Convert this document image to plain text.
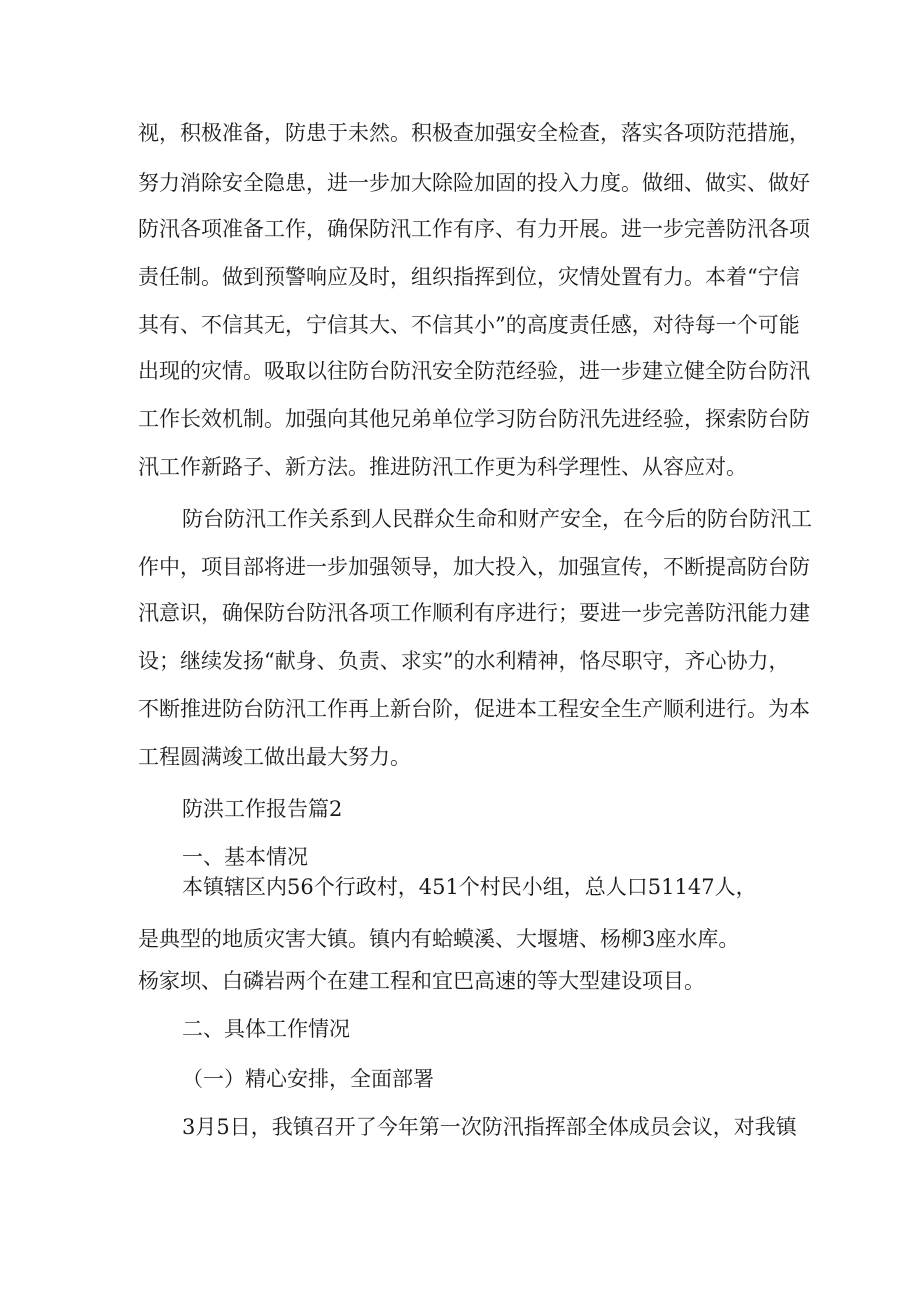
视，积极准备，防患于未然。积极查加强安全检查，落实各项防范措施，
努力消除安全隐患，进一步加大除险加固的投入力度。做细、做实、做好
防汛各项准备工作，确保防汛工作有序、有力开展。进一步完善防汛各项
责任制。做到预警响应及时，组织指挥到位，灾情处置有力。本着“宁信
其有、不信其无，宁信其大、不信其小”的高度责任感，对待每一个可能
出现的灾情。吸取以往防台防汛安全防范经验，进一步建立健全防台防汛
工作长效机制。加强向其他兄弟单位学习防台防汛先进经验，探索防台防
汛工作新路子、新方法。推进防汛工作更为科学理性、从容应对。
防台防汛工作关系到人民群众生命和财产安全，在今后的防台防汛工
作中，项目部将进一步加强领导，加大投入，加强宣传，不断提高防台防
汛意识，确保防台防汛各项工作顺利有序进行；要进一步完善防汛能力建
设；继续发扬“献身、负责、求实”的水利精神，恪尽职守，齐心协力，
不断推进防台防汛工作再上新台阶，促进本工程安全生产顺利进行。为本
工程圆满竣工做出最大努力。
防洪工作报告篇2
一、基本情况
本镇辖区内56个行政村，451个村民小组，总人口51147人，
是典型的地质灾害大镇。镇内有蛤蟆溪、大堰塘、杨柳3座水库。
杨家坝、白磷岩两个在建工程和宜巴高速的等大型建设项目。
二、具体工作情况
（一）精心安排，全面部署
3月5日，我镇召开了今年第一次防汛指挥部全体成员会议，对我镇
